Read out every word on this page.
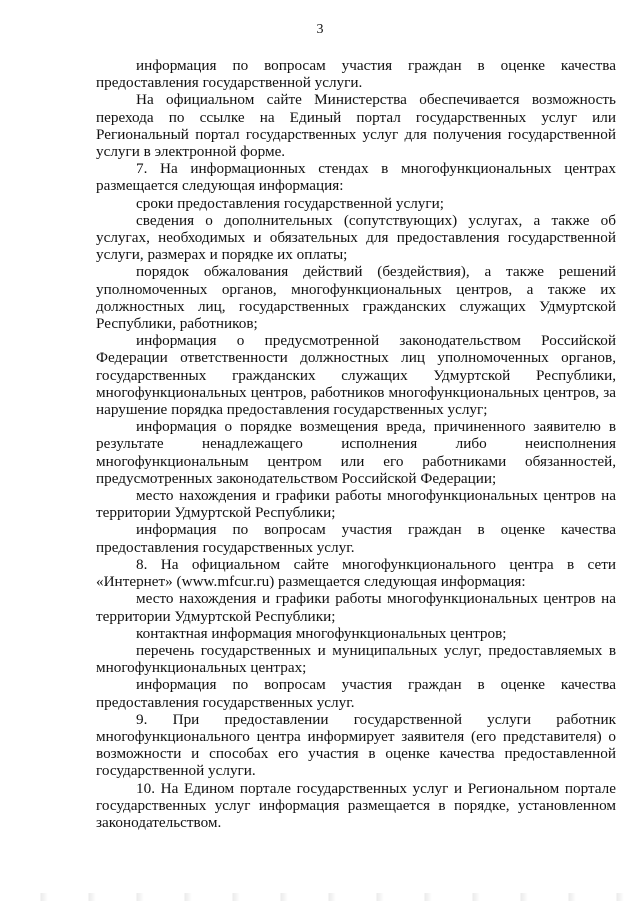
3

информация по вопросам участия граждан в оценке качества предоставления государственной услуги.

На официальном сайте Министерства обеспечивается возможность перехода по ссылке на Единый портал государственных услуг или Региональный портал государственных услуг для получения государственной услуги в электронной форме.

7. На информационных стендах в многофункциональных центрах размещается следующая информация:

сроки предоставления государственной услуги;

сведения о дополнительных (сопутствующих) услугах, а также об услугах, необходимых и обязательных для предоставления государственной услуги, размерах и порядке их оплаты;

порядок обжалования действий (бездействия), а также решений уполномоченных органов, многофункциональных центров, а также их должностных лиц, государственных гражданских служащих Удмуртской Республики, работников;

информация о предусмотренной законодательством Российской Федерации ответственности должностных лиц уполномоченных органов, государственных гражданских служащих Удмуртской Республики, многофункциональных центров, работников многофункциональных центров, за нарушение порядка предоставления государственных услуг;

информация о порядке возмещения вреда, причиненного заявителю в результате ненадлежащего исполнения либо неисполнения многофункциональным центром или его работниками обязанностей, предусмотренных законодательством Российской Федерации;

место нахождения и графики работы многофункциональных центров на территории Удмуртской Республики;

информация по вопросам участия граждан в оценке качества предоставления государственных услуг.

8. На официальном сайте многофункционального центра в сети «Интернет» (www.mfcur.ru) размещается следующая информация:

место нахождения и графики работы многофункциональных центров на территории Удмуртской Республики;

контактная информация многофункциональных центров;

перечень государственных и муниципальных услуг, предоставляемых в многофункциональных центрах;

информация по вопросам участия граждан в оценке качества предоставления государственных услуг.

9. При предоставлении государственной услуги работник многофункционального центра информирует заявителя (его представителя) о возможности и способах его участия в оценке качества предоставленной государственной услуги.

10. На Едином портале государственных услуг и Региональном портале государственных услуг информация размещается в порядке, установленном законодательством.
